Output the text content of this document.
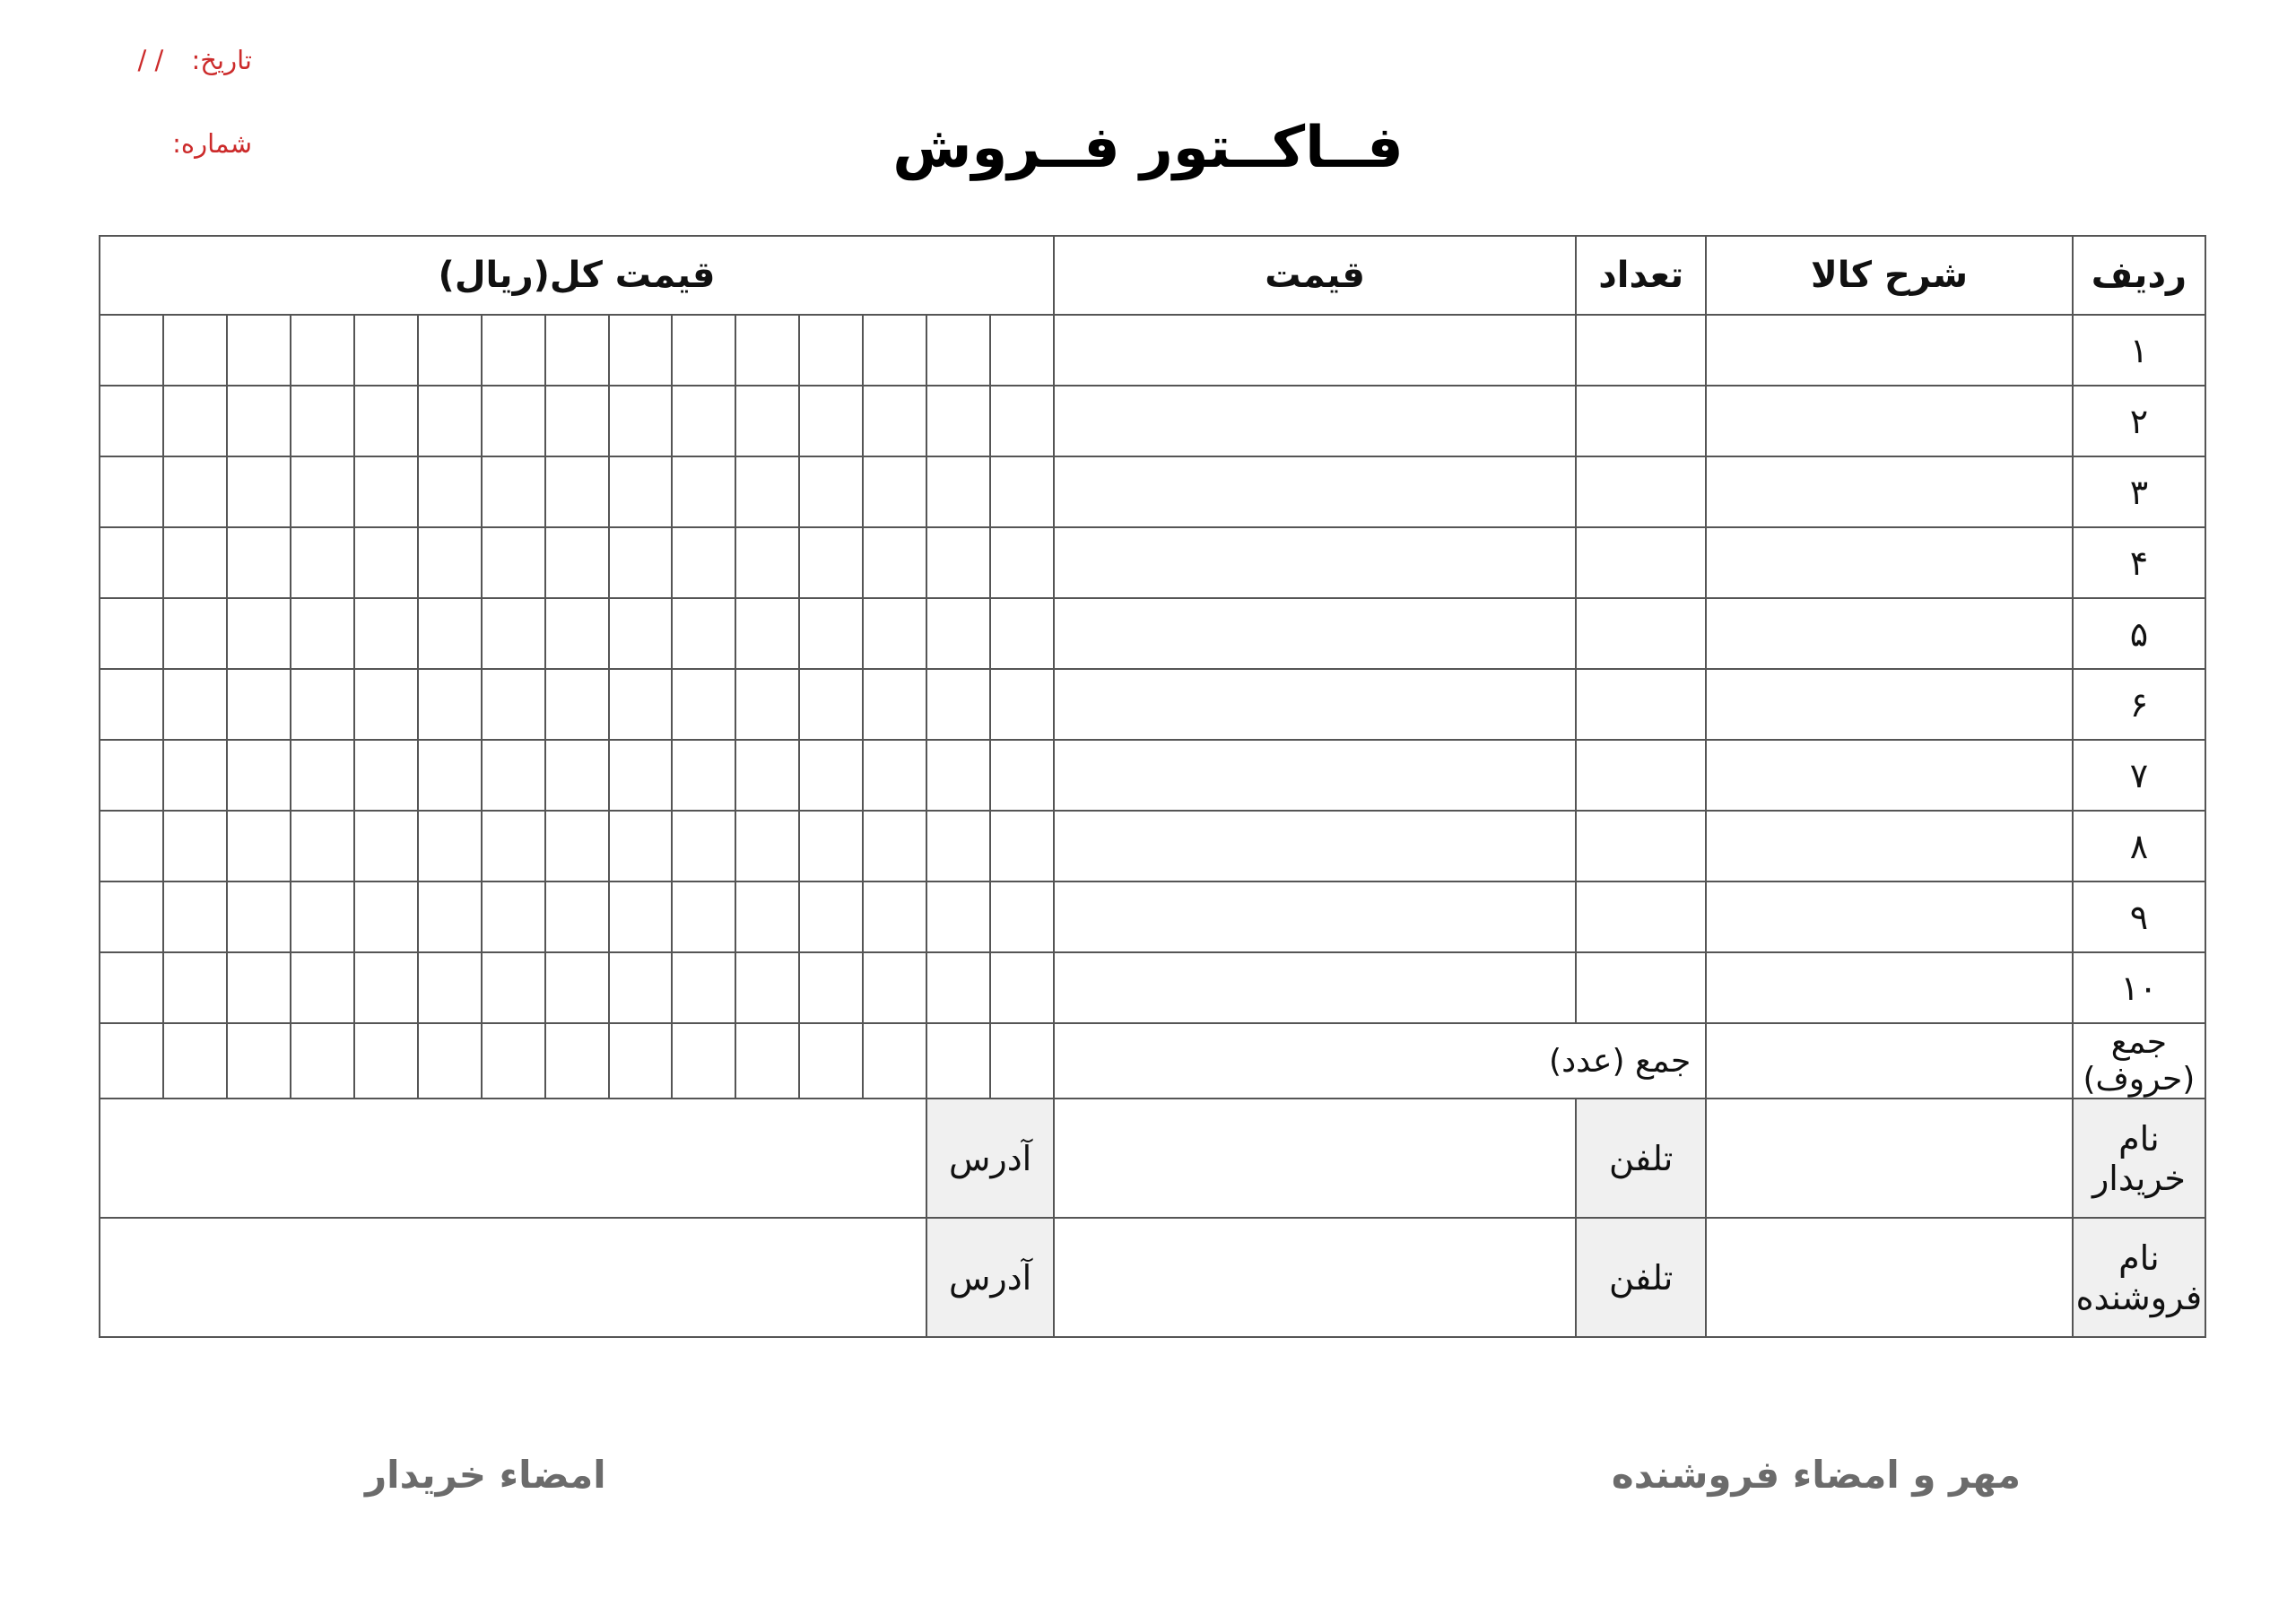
تاریخ: / /
شماره:	فــاکــتور فــروش
ردیف	شرح کالا	تعداد	قیمت	قیمت کل(ریال)														
۱																		
۲																		
۳																		
۴																		
۵																		
۶																		
۷																		
۸																		
۹																		
۱۰																		
جمع (حروف)		جمع (عدد)																
نام خریدار		تلفن		آدرس														
نام فروشنده		تلفن		آدرس														
مهر و امضاء فروشنده
امضاء خریدار
